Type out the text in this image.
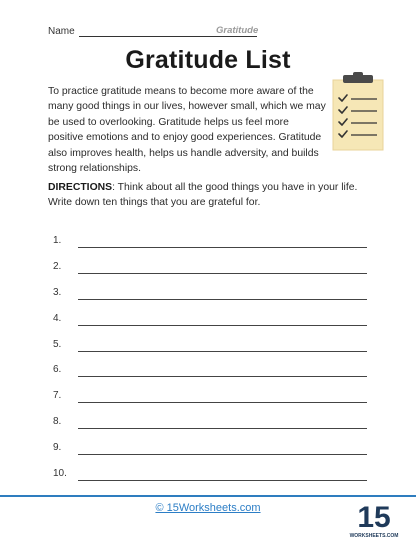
Name	Gratitude
Gratitude List
To practice gratitude means to become more aware of the many good things in our lives, however small, which we may be used to overlooking. Gratitude helps us feel more positive emotions and to enjoy good experiences. Gratitude also improves health, helps us handle adversity, and builds strong relationships.
DIRECTIONS: Think about all the good things you have in your life. Write down ten things that you are grateful for.
1.
2.
3.
4.
5.
6.
7.
8.
9.
10.
© 15Worksheets.com	15
WORKSHEETS.COM
